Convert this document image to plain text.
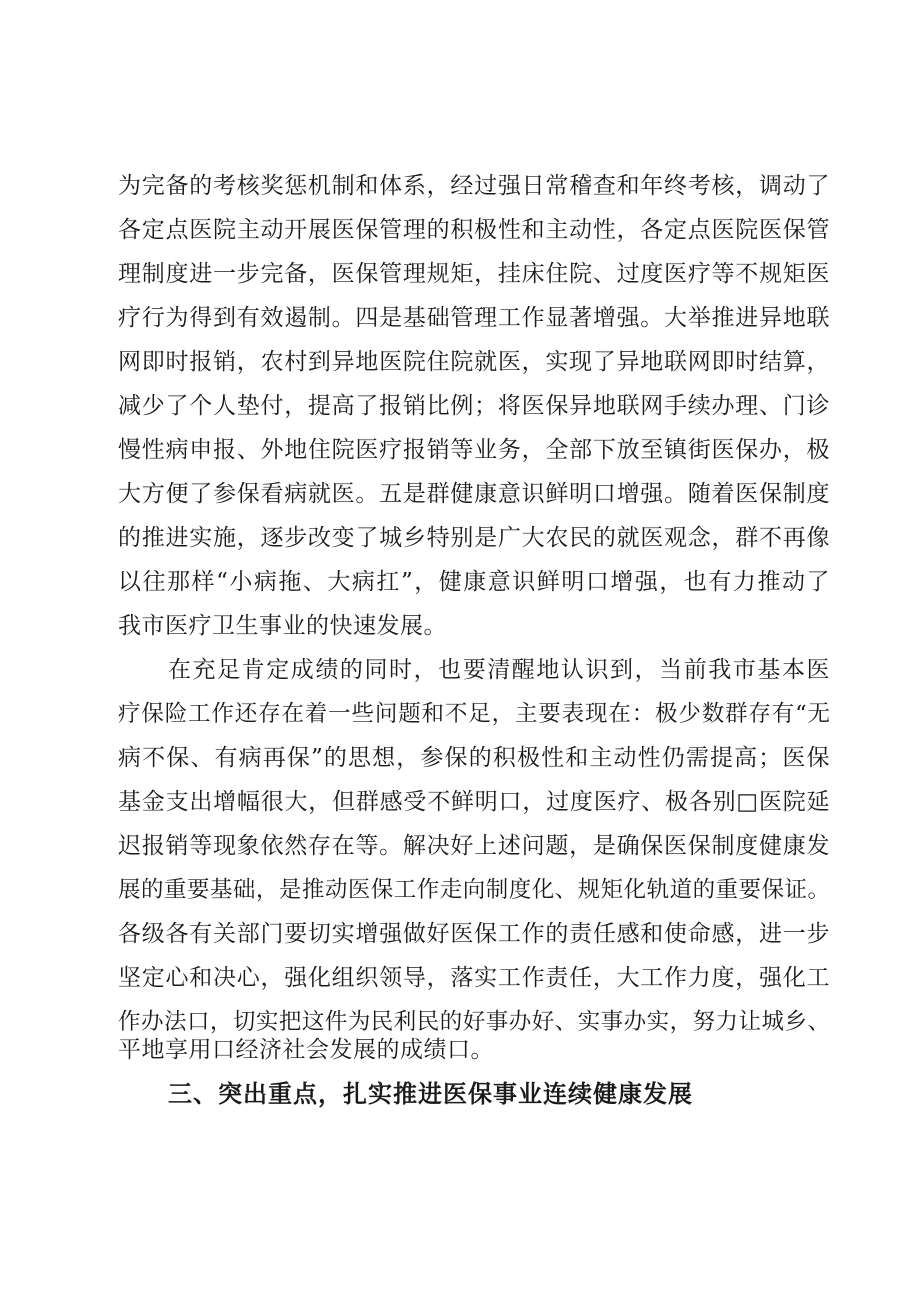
为完备的考核奖惩机制和体系，经过强日常稽查和年终考核，调动了
各定点医院主动开展医保管理的积极性和主动性，各定点医院医保管
理制度进一步完备，医保管理规矩，挂床住院、过度医疗等不规矩医
疗行为得到有效遏制。四是基础管理工作显著增强。大举推进异地联
网即时报销，农村到异地医院住院就医，实现了异地联网即时结算，
减少了个人垫付，提高了报销比例；将医保异地联网手续办理、门诊
慢性病申报、外地住院医疗报销等业务，全部下放至镇街医保办，极
大方便了参保看病就医。五是群健康意识鲜明口增强。随着医保制度
的推进实施，逐步改变了城乡特别是广大农民的就医观念，群不再像
以往那样“小病拖、大病扛”，健康意识鲜明口增强，也有力推动了
我市医疗卫生事业的快速发展。
在充足肯定成绩的同时，也要清醒地认识到，当前我市基本医
疗保险工作还存在着一些问题和不足，主要表现在：极少数群存有“无
病不保、有病再保”的思想，参保的积极性和主动性仍需提高；医保
基金支出增幅很大，但群感受不鲜明口，过度医疗、极各别□医院延
迟报销等现象依然存在等。解决好上述问题，是确保医保制度健康发
展的重要基础，是推动医保工作走向制度化、规矩化轨道的重要保证。
各级各有关部门要切实增强做好医保工作的责任感和使命感，进一步
坚定心和决心，强化组织领导，落实工作责任，大工作力度，强化工
作办法口，切实把这件为民利民的好事办好、实事办实，努力让城乡、
平地享用口经济社会发展的成绩口。
三、突出重点，扎实推进医保事业连续健康发展
